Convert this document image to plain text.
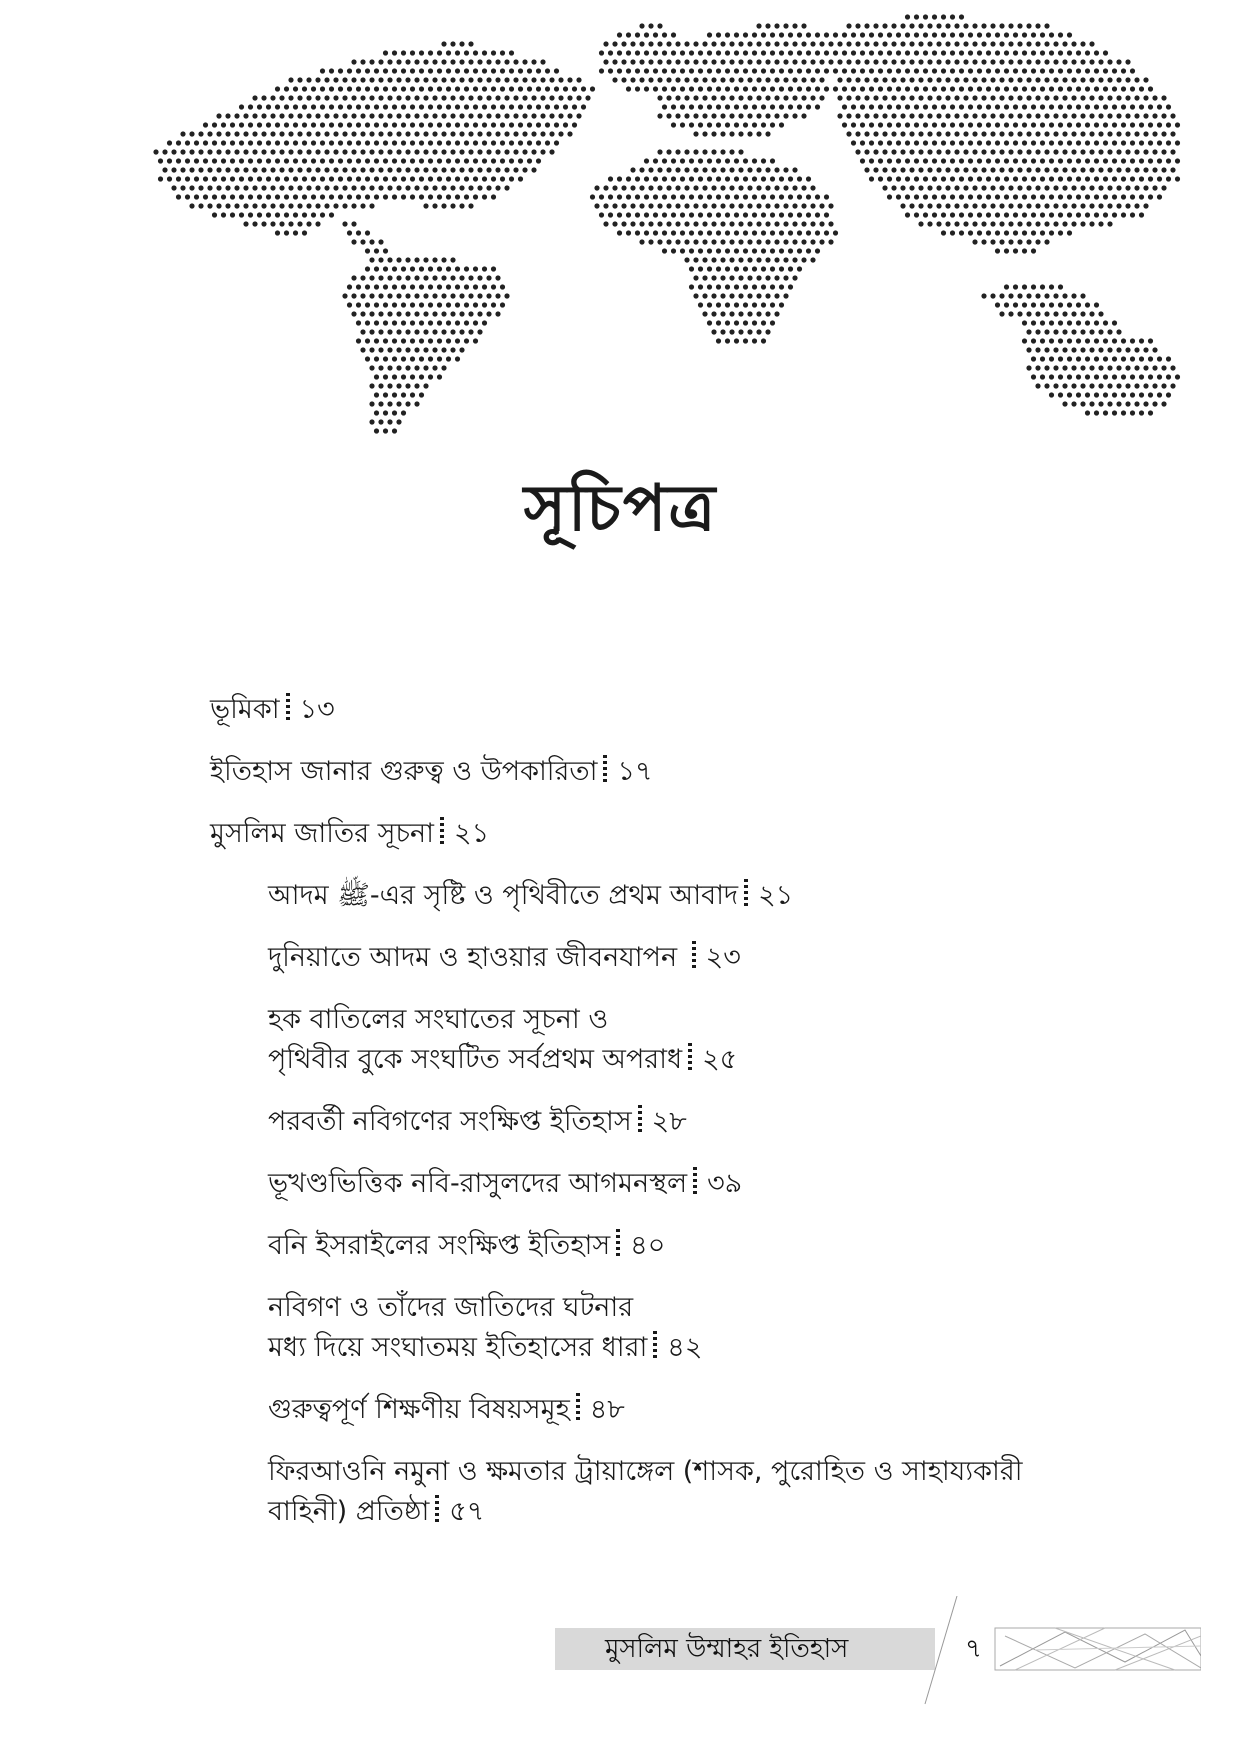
সূচিপত্র
ভূমিকা ১৩
ইতিহাস জানার গুরুত্ব ও উপকারিতা ১৭
মুসলিম জাতির সূচনা ২১
আদম ﷺ-এর সৃষ্টি ও পৃথিবীতে প্রথম আবাদ ২১
দুনিয়াতে আদম ও হাওয়ার জীবনযাপন ২৩
হক বাতিলের সংঘাতের সূচনা ও
পৃথিবীর বুকে সংঘটিত সর্বপ্রথম অপরাধ ২৫
পরবর্তী নবিগণের সংক্ষিপ্ত ইতিহাস ২৮
ভূখণ্ডভিত্তিক নবি-রাসুলদের আগমনস্থল ৩৯
বনি ইসরাইলের সংক্ষিপ্ত ইতিহাস ৪০
নবিগণ ও তাঁদের জাতিদের ঘটনার
মধ্য দিয়ে সংঘাতময় ইতিহাসের ধারা ৪২
গুরুত্বপূর্ণ শিক্ষণীয় বিষয়সমূহ ৪৮
ফিরআওনি নমুনা ও ক্ষমতার ট্রায়াঙ্গেল (শাসক, পুরোহিত ও সাহায্যকারী
বাহিনী) প্রতিষ্ঠা ৫৭
মুসলিম উম্মাহর ইতিহাস	৭
